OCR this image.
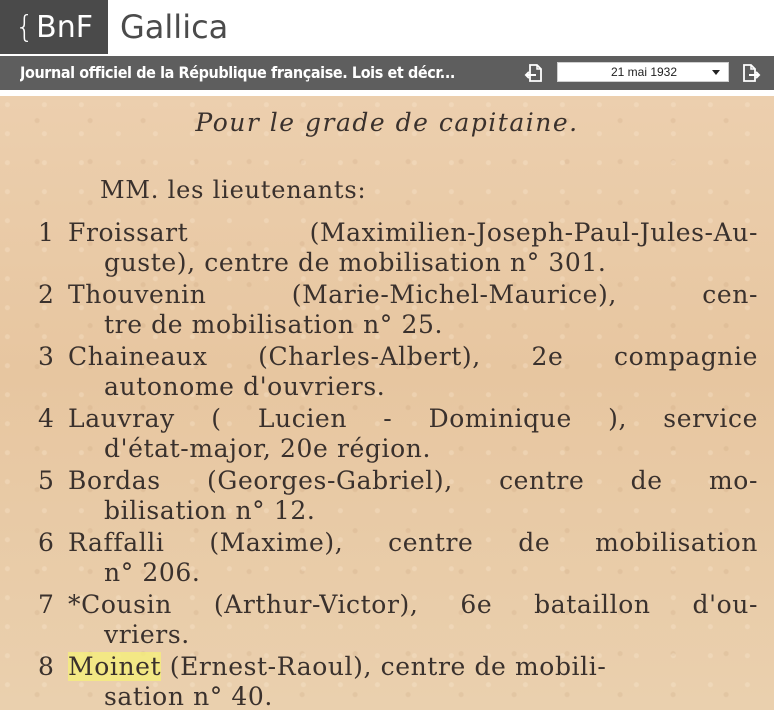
{ BnF Gallica
Journal officiel de la République française. Lois et décr...	21 mai 1932
Pour le grade de capitaine.
MM. les lieutenants:
1 Froissart (Maximilien-Joseph-Paul-Jules-Au-
guste), centre de mobilisation n° 301.
2 Thouvenin (Marie-Michel-Maurice), cen-
tre de mobilisation n° 25.
3 Chaineaux (Charles-Albert), 2e compagnie
autonome d'ouvriers.
4 Lauvray ( Lucien - Dominique ), service
d'état-major, 20e région.
5 Bordas (Georges-Gabriel), centre de mo-
bilisation n° 12.
6 Raffalli (Maxime), centre de mobilisation
n° 206.
7 *Cousin (Arthur-Victor), 6e bataillon d'ou-
vriers.
8 Moinet (Ernest-Raoul), centre de mobili-
sation n° 40.
